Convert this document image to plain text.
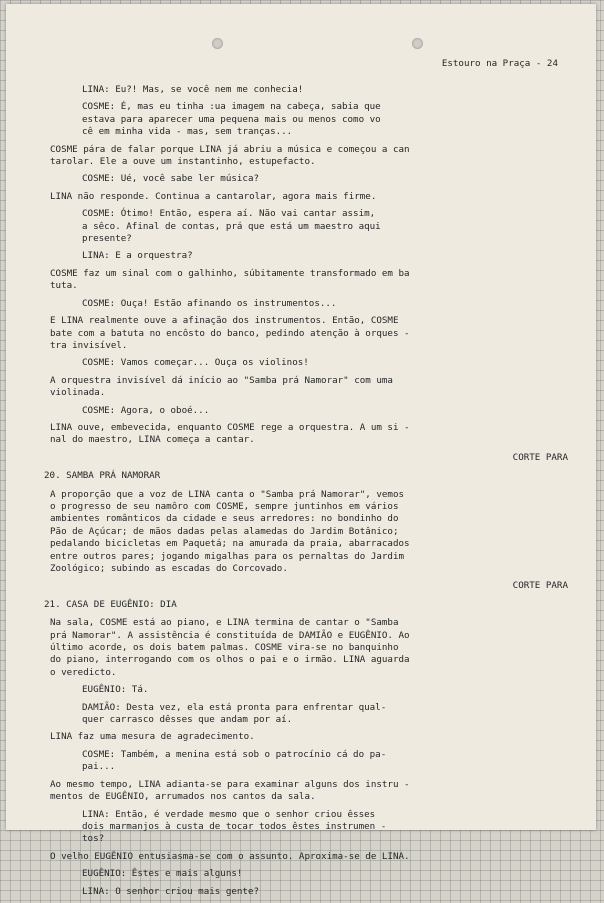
Estouro na Praça - 24
LINA: Eu?! Mas, se você nem me conhecia!
COSME: É, mas eu tinha :ua imagem na cabeça, sabia que
estava para aparecer uma pequena mais ou menos como vo
cê em minha vida - mas, sem tranças...
COSME pára de falar porque LINA já abriu a música e começou a can
tarolar. Ele a ouve um instantinho, estupefacto.
COSME: Ué, você sabe ler música?
LINA não responde. Continua a cantarolar, agora mais firme.
COSME: Ótimo! Então, espera aí. Não vai cantar assim,
a sêco. Afinal de contas, prá que está um maestro aqui
presente?
LINA: E a orquestra?
COSME faz um sinal com o galhinho, súbitamente transformado em ba
tuta.
COSME: Ouça! Estão afinando os instrumentos...
E LINA realmente ouve a afinação dos instrumentos. Então, COSME
bate com a batuta no encôsto do banco, pedindo atenção à orques -
tra invisível.
COSME: Vamos começar... Ouça os violinos!
A orquestra invisível dá início ao "Samba prá Namorar" com uma
violinada.
COSME: Agora, o oboé...
LINA ouve, embevecida, enquanto COSME rege a orquestra. A um si -
nal do maestro, LINA começa a cantar.
CORTE PARA
20. SAMBA PRÁ NAMORAR
A proporção que a voz de LINA canta o "Samba prá Namorar", vemos
o progresso de seu namôro com COSME, sempre juntinhos em vários
ambientes românticos da cidade e seus arredores: no bondinho do
Pão de Açúcar; de mãos dadas pelas alamedas do Jardim Botânico;
pedalando bicicletas em Paquetá; na amurada da praia, abarracados
entre outros pares; jogando migalhas para os pernaltas do Jardim
Zoológico; subindo as escadas do Corcovado.
CORTE PARA
21. CASA DE EUGÊNIO: DIA
Na sala, COSME está ao piano, e LINA termina de cantar o "Samba
prá Namorar". A assistência é constituída de DAMIÃO e EUGÊNIO. Ao
último acorde, os dois batem palmas. COSME vira-se no banquinho
do piano, interrogando com os olhos o pai e o irmão. LINA aguarda
o veredicto.
EUGÊNIO: Tá.
DAMIÃO: Desta vez, ela está pronta para enfrentar qual-
quer carrasco dêsses que andam por aí.
LINA faz uma mesura de agradecimento.
COSME: Também, a menina está sob o patrocínio cá do pa-
pai...
Ao mesmo tempo, LINA adianta-se para examinar alguns dos instru -
mentos de EUGÊNIO, arrumados nos cantos da sala.
LINA: Então, é verdade mesmo que o senhor criou êsses
dois marmanjos à custa de tocar todos êstes instrumen -
tos?
O velho EUGÊNIO entusiasma-se com o assunto. Aproxima-se de LINA.
EUGÊNIO: Êstes e mais alguns!
LINA: O senhor criou mais gente?
